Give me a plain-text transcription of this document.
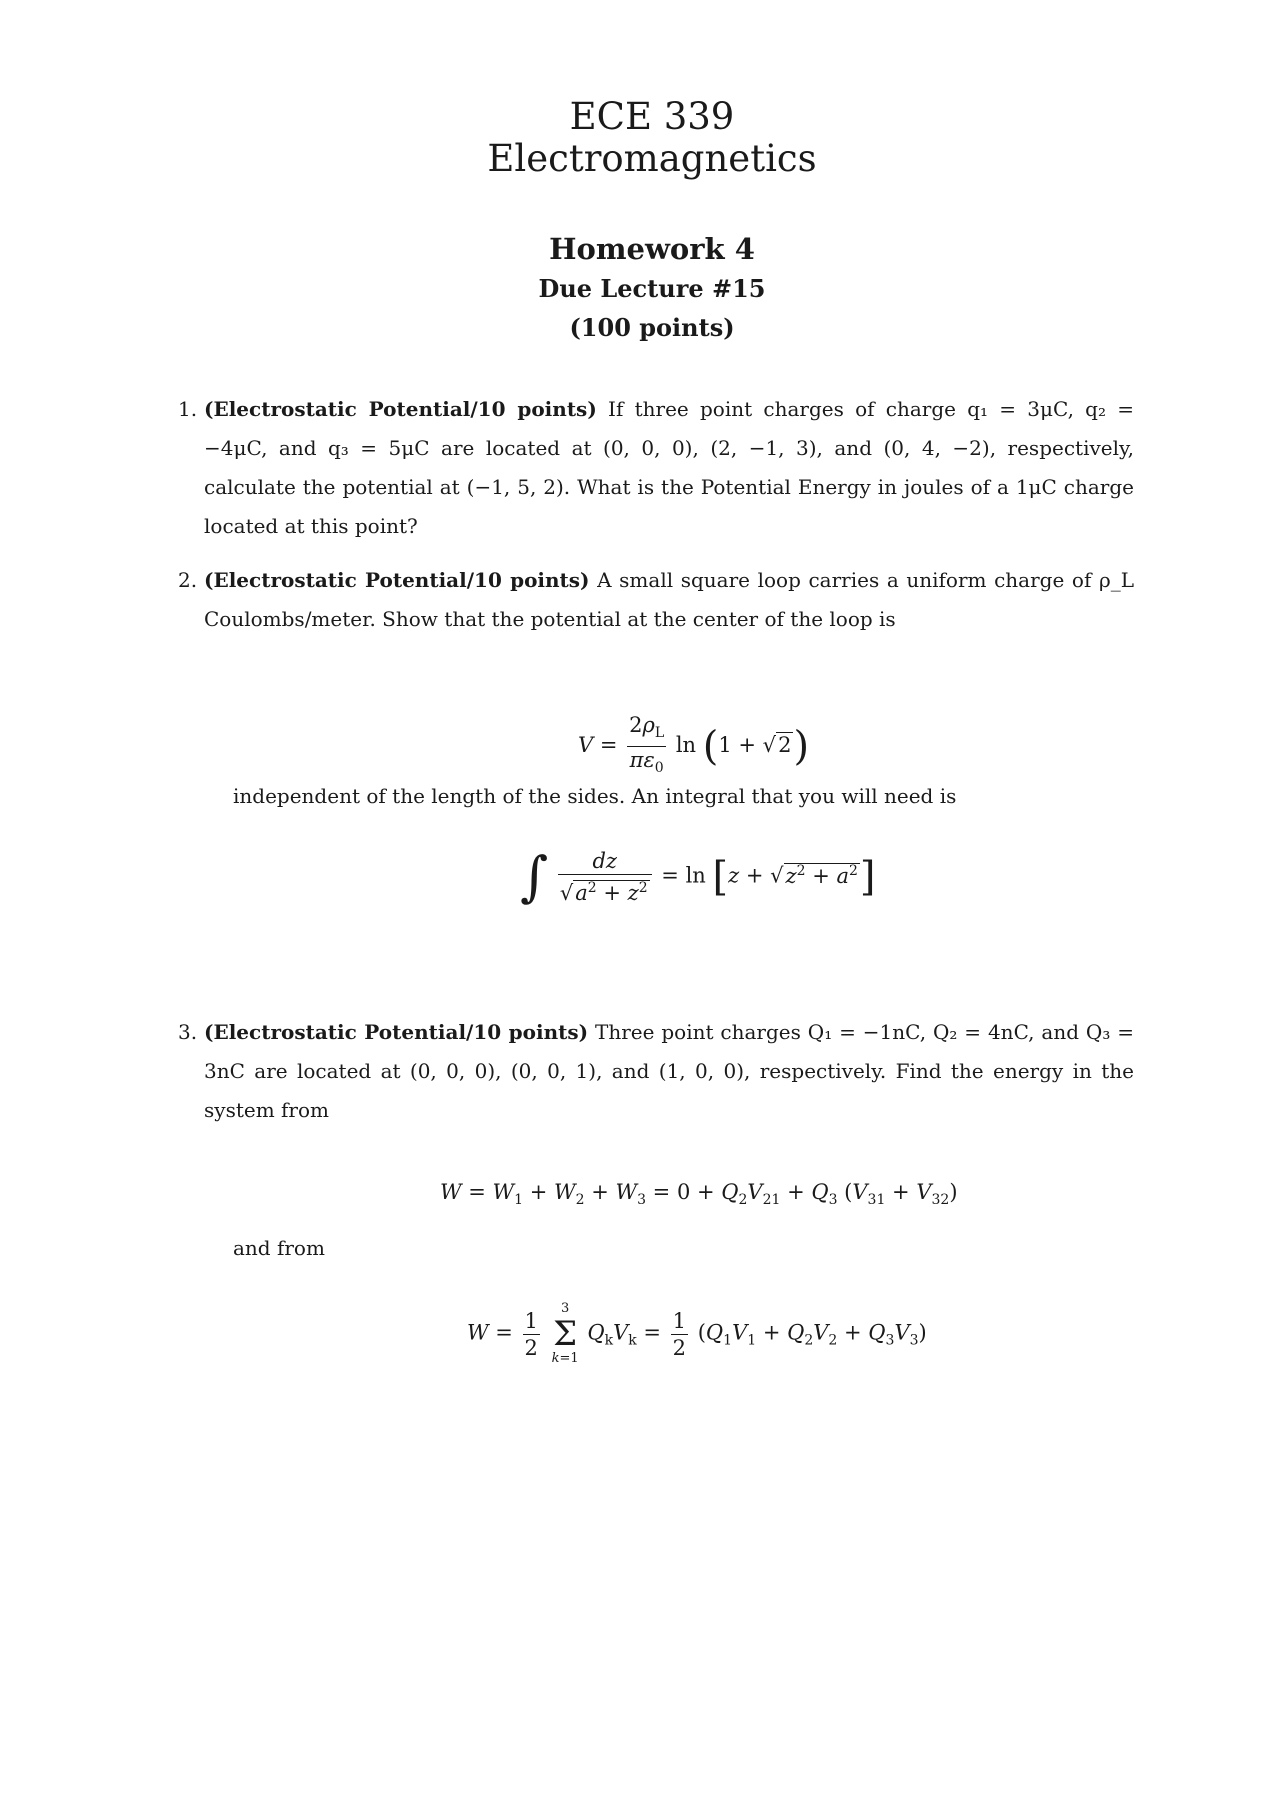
ECE 339
Electromagnetics
Homework 4
Due Lecture #15
(100 points)
1. (Electrostatic Potential/10 points) If three point charges of charge q₁ = 3μC, q₂ = −4μC, and q₃ = 5μC are located at (0, 0, 0), (2, −1, 3), and (0, 4, −2), respectively, calculate the potential at (−1, 5, 2). What is the Potential Energy in joules of a 1μC charge located at this point?
2. (Electrostatic Potential/10 points) A small square loop carries a uniform charge of ρ_L Coulombs/meter. Show that the potential at the center of the loop is
$V = \frac{2\rho_L}{\pi\varepsilon_0}$ ln (1 + √2)
independent of the length of the sides. An integral that you will need is
∫ $\frac{dz}{√a^2 + z^2} = \ln [z + √z^2 + a^2]$
3. (Electrostatic Potential/10 points) Three point charges Q₁ = −1nC, Q₂ = 4nC, and Q₃ = 3nC are located at (0, 0, 0), (0, 0, 1), and (1, 0, 0), respectively. Find the energy in the system from
$W = W_1 + W_2 + W_3 = 0 + Q_2V_{21} + Q_3$ $(V_{31} + V_{32})$
and from
$W = \frac{1}{2}$
	3
Σ
k=1
$Q_kV_k = \frac{1}{2} (Q_1V_1 + Q_2V_2 + Q_3V_3)$
